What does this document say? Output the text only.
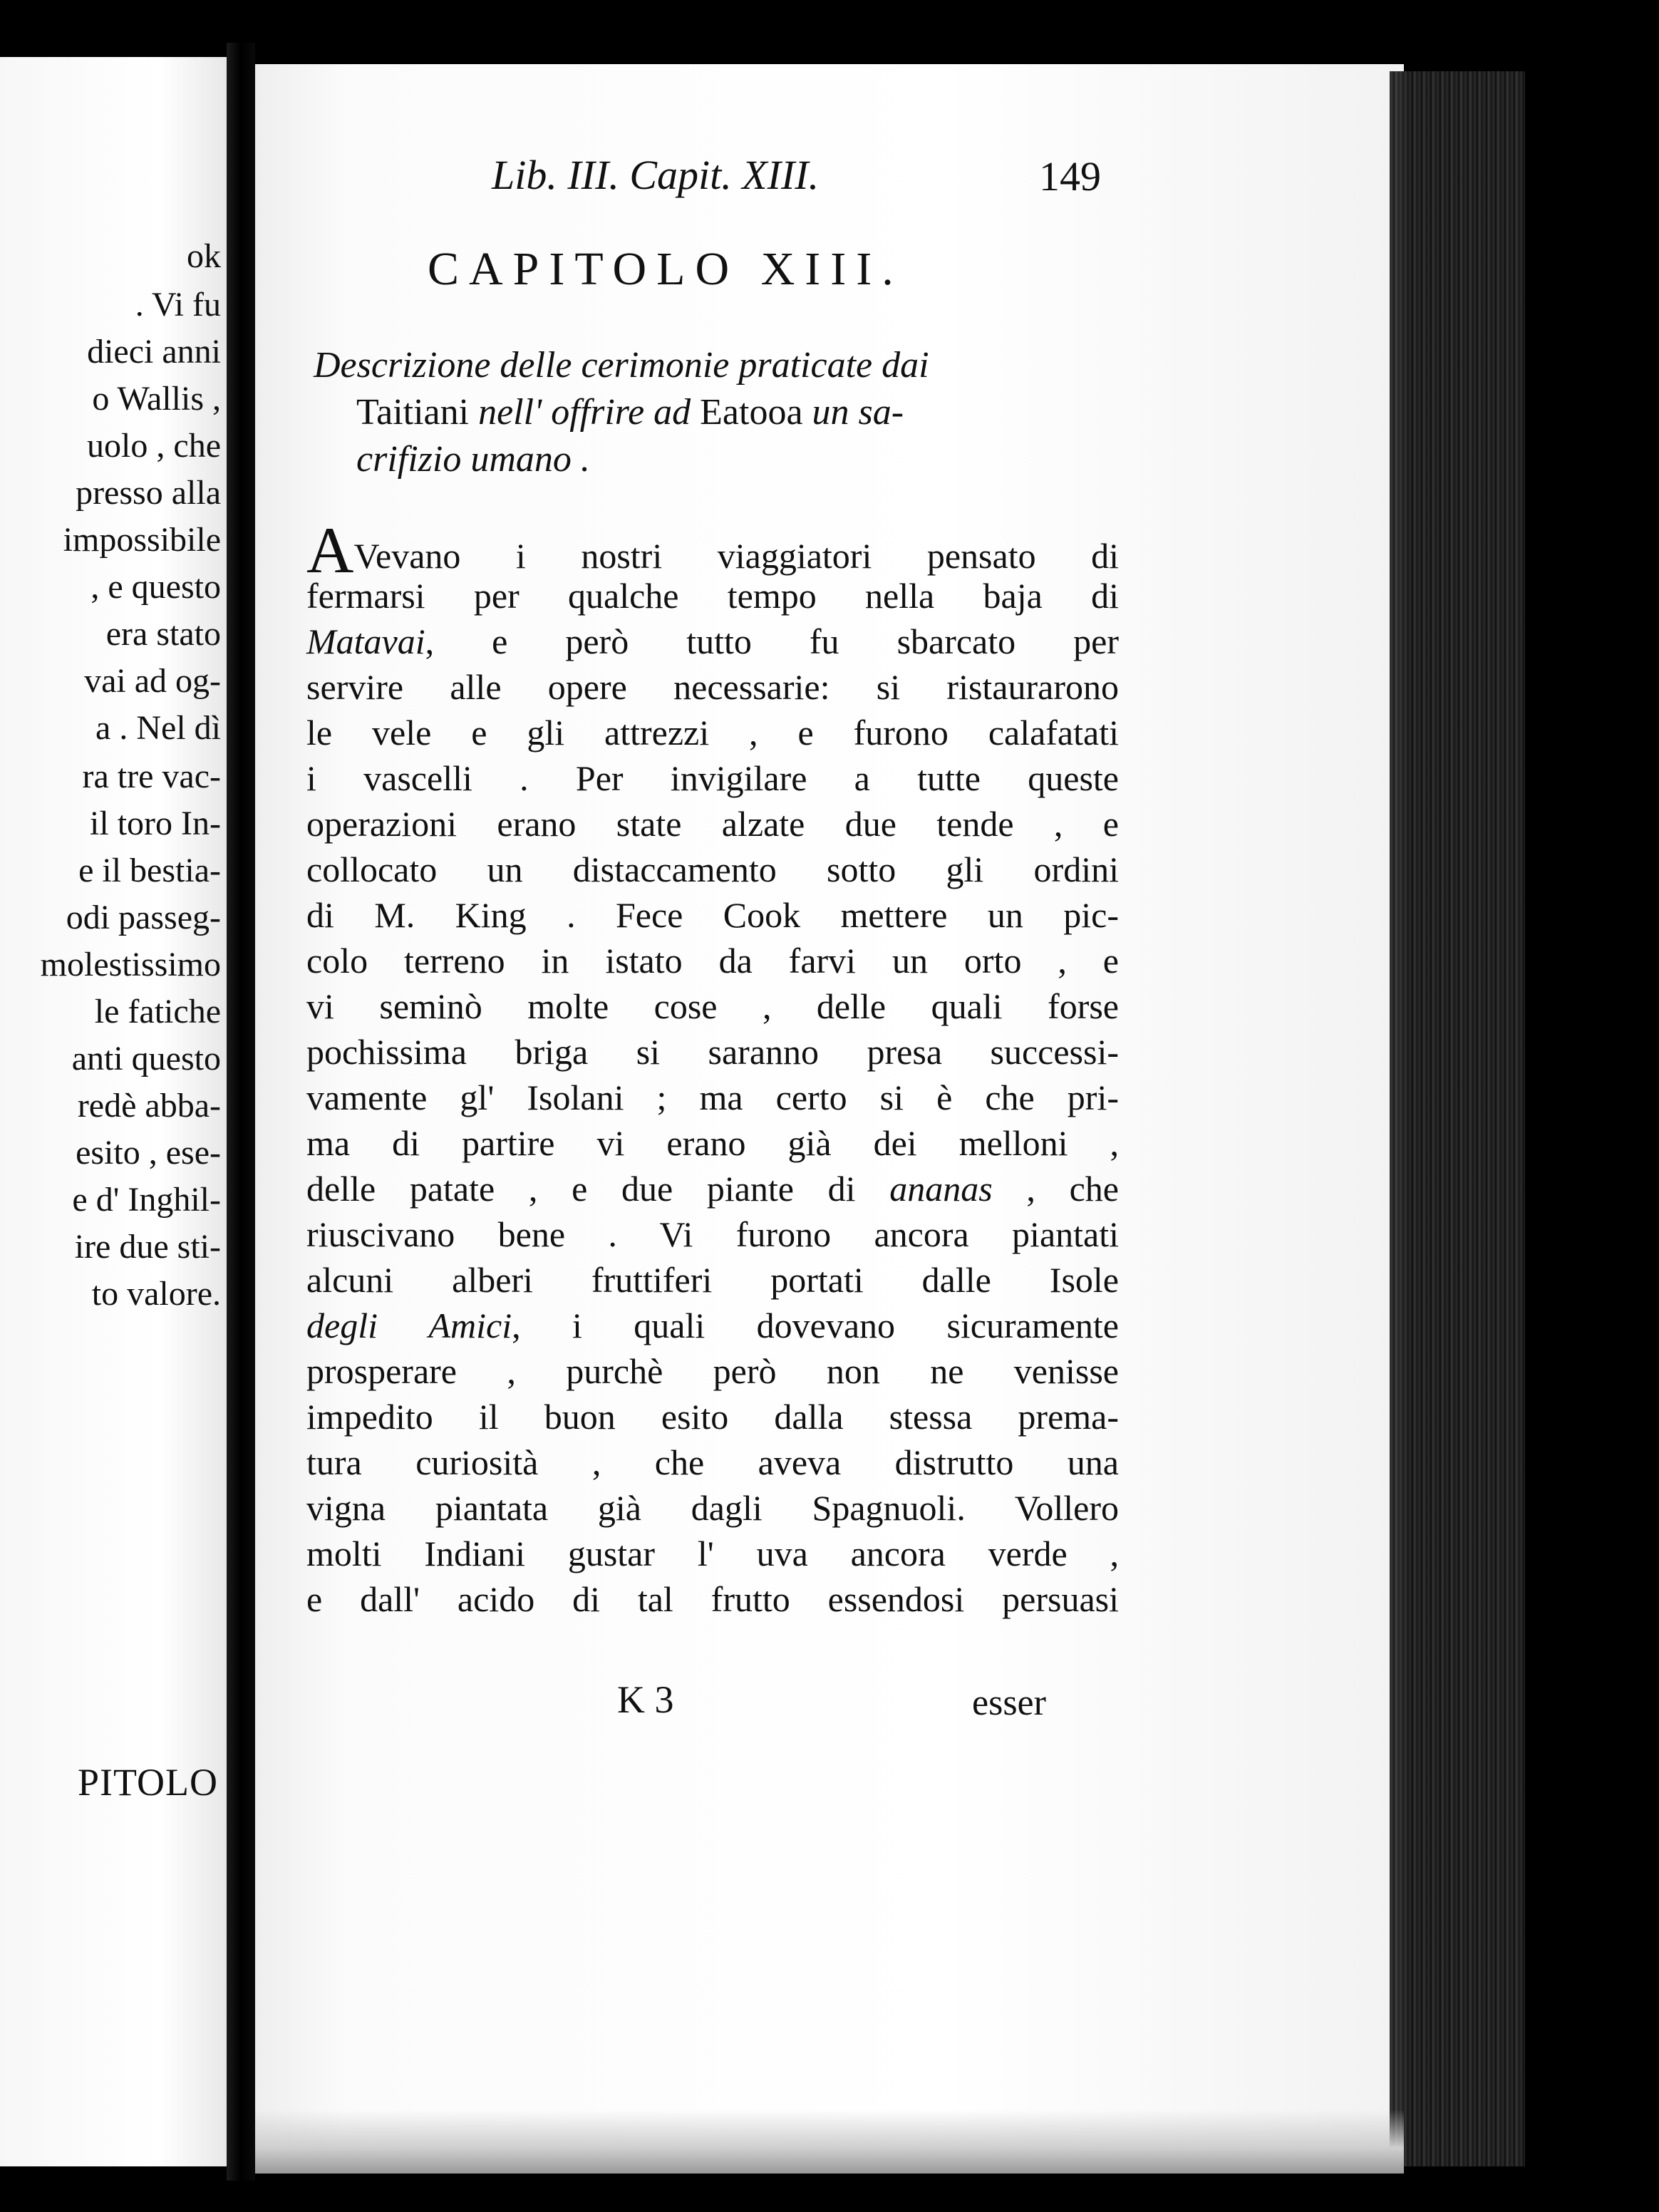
ok
. Vi fu
dieci anni
o Wallis ,
uolo , che
presso alla
impossibile
, e questo
era stato
vai ad og-
a . Nel dì
ra tre vac-
il toro In-
e il bestia-
odi passeg-
molestissimo
le fatiche
anti questo
redè abba-
esito , ese-
e d' Inghil-
ire due sti-
to valore.
PITOLO
Lib. III. Capit. XIII.	149
CAPITOLO XIII.
Descrizione delle cerimonie praticate dai
Taitiani nell' offrire ad Eatooa un sa-
crifizio umano .
AVevano i nostri viaggiatori pensato di
fermarsi per qualche tempo nella baja di
Matavai, e però tutto fu sbarcato per
servire alle opere necessarie: si ristaurarono
le vele e gli attrezzi , e furono calafatati
i vascelli . Per invigilare a tutte queste
operazioni erano state alzate due tende , e
collocato un distaccamento sotto gli ordini
di M. King . Fece Cook mettere un pic-
colo terreno in istato da farvi un orto , e
vi seminò molte cose , delle quali forse
pochissima briga si saranno presa successi-
vamente gl' Isolani ; ma certo si è che pri-
ma di partire vi erano già dei melloni ,
delle patate , e due piante di ananas , che
riuscivano bene . Vi furono ancora piantati
alcuni alberi fruttiferi portati dalle Isole
degli Amici, i quali dovevano sicuramente
prosperare , purchè però non ne venisse
impedito il buon esito dalla stessa prema-
tura curiosità , che aveva distrutto una
vigna piantata già dagli Spagnuoli. Vollero
molti Indiani gustar l' uva ancora verde ,
e dall' acido di tal frutto essendosi persuasi
K 3	esser
